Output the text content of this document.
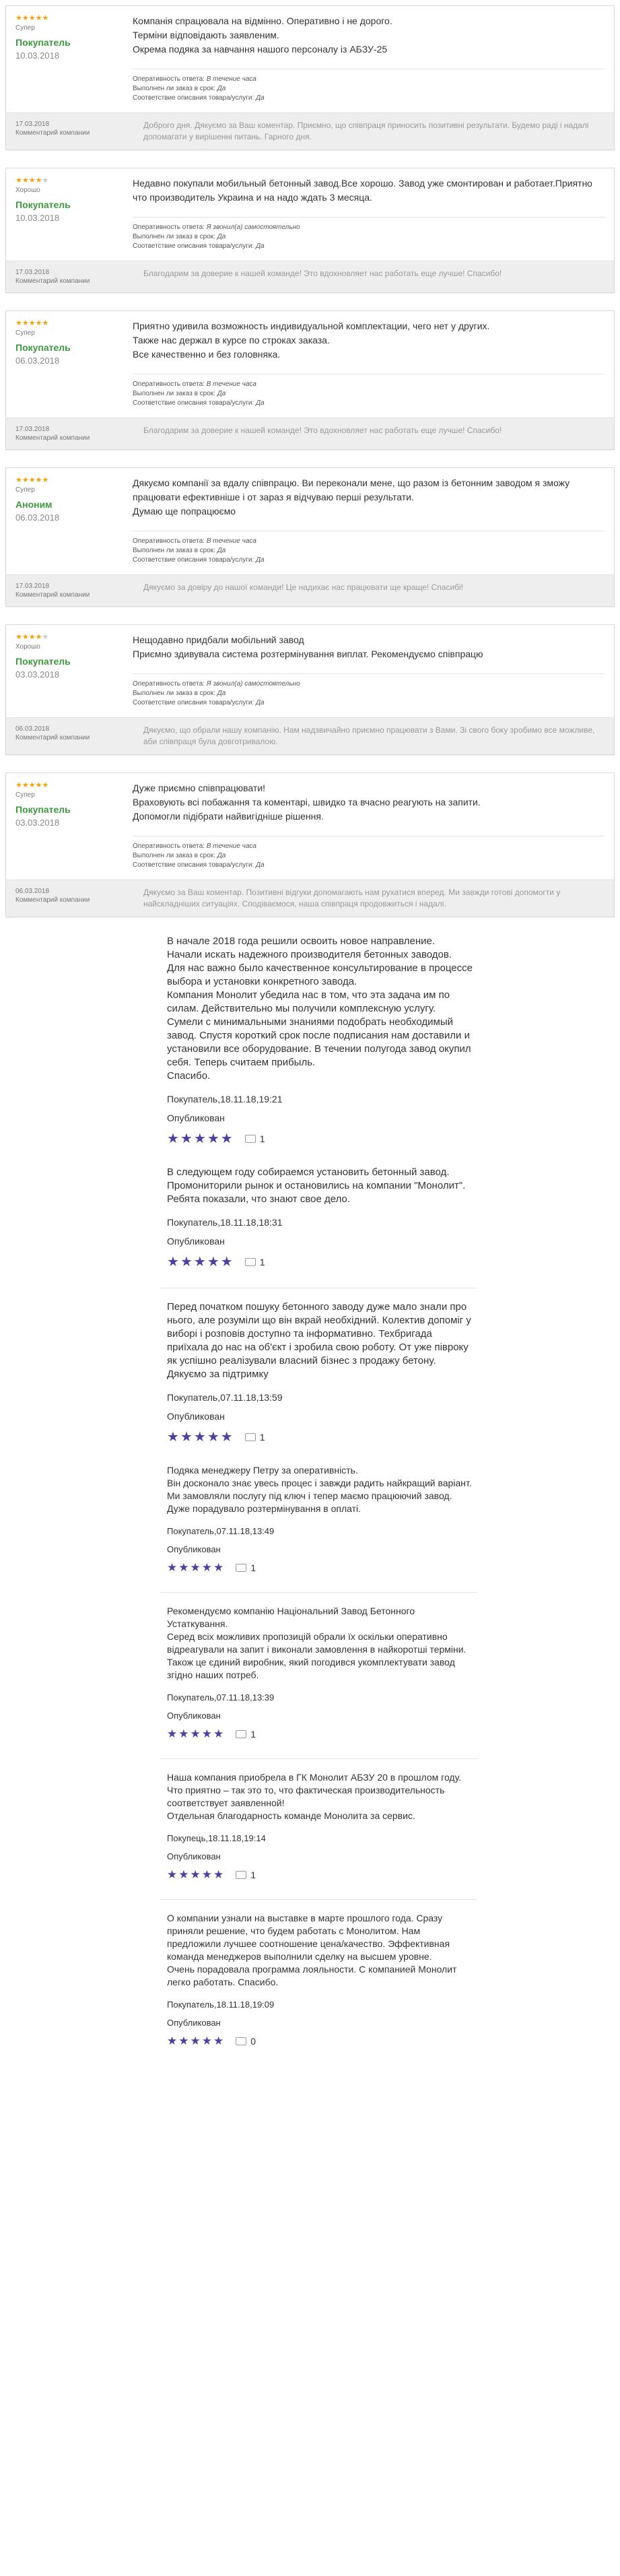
★★★★★
Супер
Покупатель
10.03.2018

Компанія спрацювала на відмінно. Оперативно і не дорого.

Терміни відповідають заявленим.

Окрема подяка за навчання нашого персоналу із АБЗУ-25

Оперативность ответа: В течение часа
Выполнен ли заказ в срок: Да
Соответствие описания товара/услуги: Да
17.03.2018
Комментарий компании
Доброго дня. Дякуємо за Ваш коментар. Приємно, що співпраця приносить позитивні результати. Будемо раді і надалі допомагати у вирішенні питань. Гарного дня.
★★★★★
Хорошо
Покупатель
10.03.2018

Недавно покупали мобильный бетонный завод.Все хорошо. Завод уже смонтирован и работает.Приятно что производитель Украина и на надо ждать 3 месяца.

Оперативность ответа: Я звонил(а) самостоятельно
Выполнен ли заказ в срок: Да
Соответствие описания товара/услуги: Да
17.03.2018
Комментарий компании
Благодарим за доверие к нашей команде! Это вдохновляет нас работать еще лучше! Спасибо!
★★★★★
Супер
Покупатель
06.03.2018

Приятно удивила возможность индивидуальной комплектации, чего нет у других.

Также нас держал в курсе по строках заказа.

Все качественно и без головняка.

Оперативность ответа: В течение часа
Выполнен ли заказ в срок: Да
Соответствие описания товара/услуги: Да
17.03.2018
Комментарий компании
Благодарим за доверие к нашей команде! Это вдохновляет нас работать еще лучше! Спасибо!
★★★★★
Супер
Аноним
06.03.2018

Дякуємо компанії за вдалу співпрацю. Ви переконали мене, що разом із бетонним заводом я зможу працювати ефективніше і от зараз я відчуваю перші результати.

Думаю ще попрацюємо

Оперативность ответа: В течение часа
Выполнен ли заказ в срок: Да
Соответствие описания товара/услуги: Да
17.03.2018
Комментарий компании
Дякуємо за довіру до нашої команди! Це надихає нас працювати ще краще! Спасибі!
★★★★★
Хорошо
Покупатель
03.03.2018

Нещодавно придбали мобільний завод

Приємно здивувала система розтермінування виплат. Рекомендуємо співпрацю

Оперативность ответа: Я звонил(а) самостоятельно
Выполнен ли заказ в срок: Да
Соответствие описания товара/услуги: Да
06.03.2018
Комментарий компании
Дякуємо, що обрали нашу компанію. Нам надзвичайно приємно працювати з Вами. Зі свого боку зробимо все можливе, аби співпраця була довготривалою.
★★★★★
Супер
Покупатель
03.03.2018

Дуже приємно співпрацювати!

Враховують всі побажання та коментарі, швидко та вчасно реагують на запити.

Допомогли підібрати найвигідніше рішення.

Оперативность ответа: В течение часа
Выполнен ли заказ в срок: Да
Соответствие описания товара/услуги: Да
06.03.2018
Комментарий компании
Дякуємо за Ваш коментар. Позитивні відгуки допомагають нам рухатися вперед. Ми завжди готові допомогти у найскладніших ситуаціях. Сподіваємося, наша співпраця продовжиться і надалі.
В начале 2018 года решили освоить новое направление.
Начали искать надежного производителя бетонных заводов.
Для нас важно было качественное консультирование в процессе выбора и установки конкретного завода.
Компания Монолит убедила нас в том, что эта задача им по силам. Действительно мы получили комплексную услугу. Сумели с минимальными знаниями подобрать необходимый завод. Спустя короткий срок после подписания нам доставили и установили все оборудование. В течении полугода завод окупил себя. Теперь считаем прибыль.
Спасибо.
Покупатель,18.11.18,19:21
Опубликован
★★★★★	1
В следующем году собираемся установить бетонный завод. Промониторили рынок и остановились на компании "Монолит". Ребята показали, что знают свое дело.
Покупатель,18.11.18,18:31
Опубликован
★★★★★	1
Перед початком пошуку бетонного заводу дуже мало знали про нього, але розуміли що він вкрай необхідний. Колектив допоміг у виборі і розповів доступно та інформативно. Техбригада приїхала до нас на об'єкт і зробила свою роботу. От уже півроку як успішно реалізували власний бізнес з продажу бетону. Дякуємо за підтримку
Покупатель,07.11.18,13:59
Опубликован
★★★★★	1
Подяка менеджеру Петру за оперативність.
Він досконало знає увесь процес і завжди радить найкращий варіант.
Ми замовляли послугу під ключ і тепер маємо працюючий завод.
Дуже порадувало розтермінування в оплаті.
Покупатель,07.11.18,13:49
Опубликован
★★★★★	1
Рекомендуємо компанію Національний Завод Бетонного Устаткування.
Серед всіх можливих пропозицій обрали їх оскільки оперативно відреагували на запит і виконали замовлення в найкоротші терміни. Також це єдиний виробник, який погодився укомплектувати завод згідно наших потреб.
Покупатель,07.11.18,13:39
Опубликован
★★★★★	1
Наша компания приобрела в ГК Монолит АБЗУ 20 в прошлом году. Что приятно – так это то, что фактическая производительность соответствует заявленной!
Отдельная благодарность команде Монолита за сервис.
Покупець,18.11.18,19:14
Опубликован
★★★★★	1
О компании узнали на выставке в марте прошлого года. Сразу приняли решение, что будем работать с Монолитом. Нам предложили лучшее соотношение цена/качество. Эффективная команда менеджеров выполнили сделку на высшем уровне.
Очень порадовала программа лояльности. С компанией Монолит легко работать. Спасибо.
Покупатель,18.11.18,19:09
Опубликован
★★★★★	0
